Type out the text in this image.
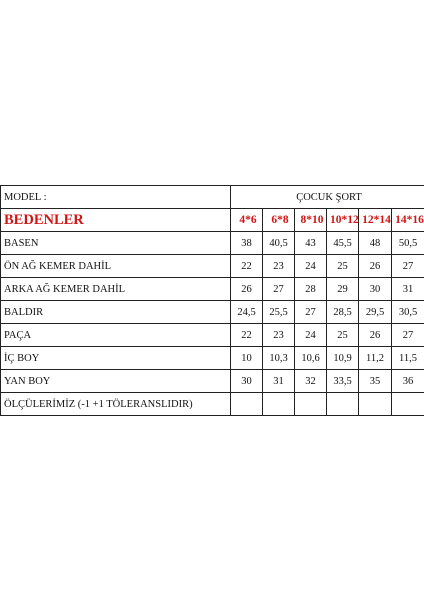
MODEL :	ÇOCUK ŞORT					
BEDENLER	4*6	6*8	8*10	10*12	12*14	14*16
BASEN	38	40,5	43	45,5	48	50,5
ÖN AĞ KEMER DAHİL	22	23	24	25	26	27
ARKA AĞ KEMER DAHİL	26	27	28	29	30	31
BALDIR	24,5	25,5	27	28,5	29,5	30,5
PAÇA	22	23	24	25	26	27
İÇ BOY	10	10,3	10,6	10,9	11,2	11,5
YAN BOY	30	31	32	33,5	35	36
ÖLÇÜLERİMİZ (-1 +1 TÖLERANSLIDIR)						
